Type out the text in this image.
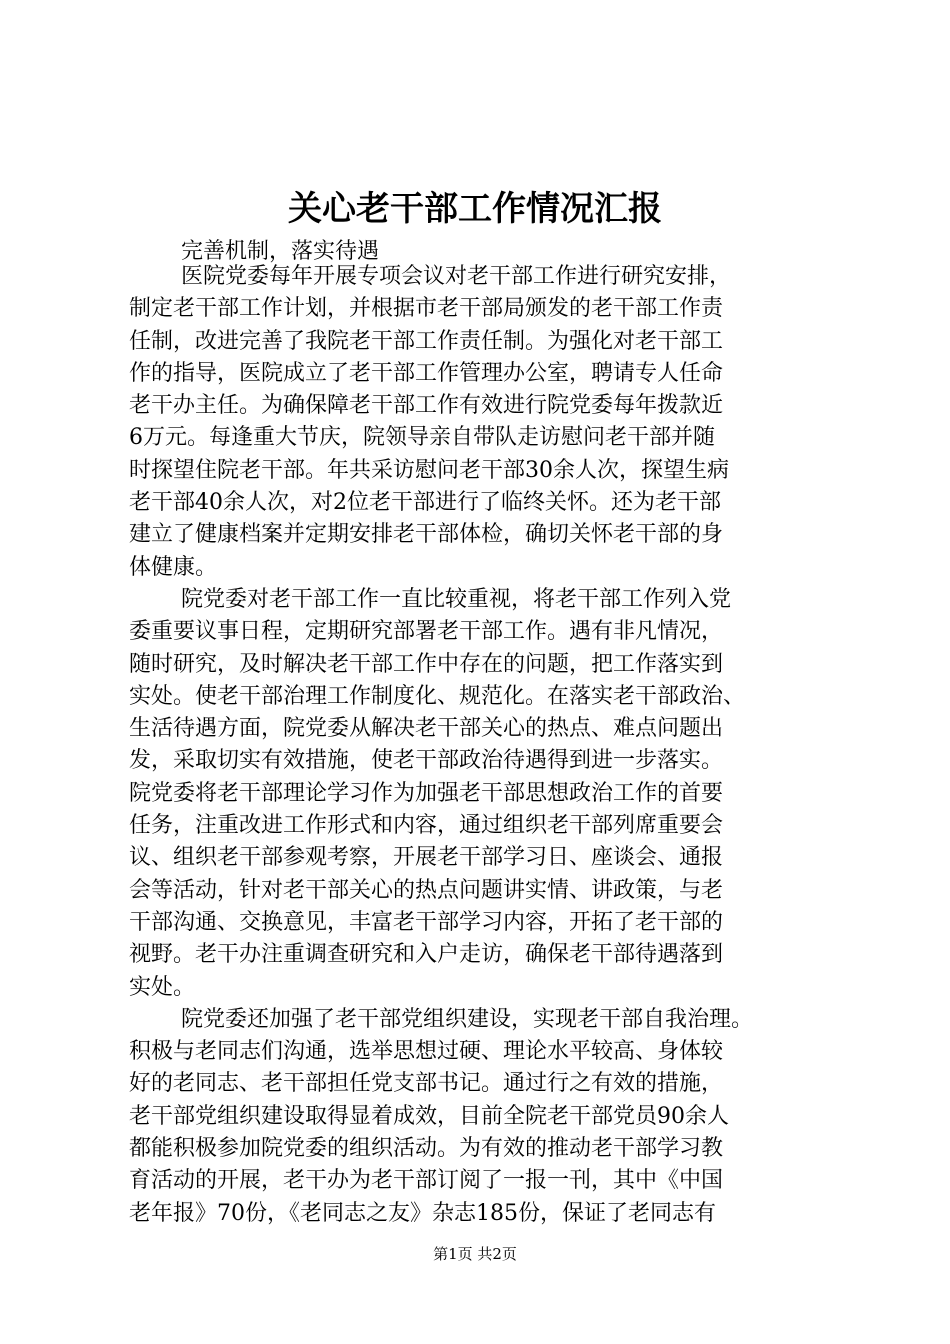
关心老干部工作情况汇报
完善机制，落实待遇
医院党委每年开展专项会议对老干部工作进行研究安排，
制定老干部工作计划，并根据市老干部局颁发的老干部工作责
任制，改进完善了我院老干部工作责任制。为强化对老干部工
作的指导，医院成立了老干部工作管理办公室，聘请专人任命
老干办主任。为确保障老干部工作有效进行院党委每年拨款近
6万元。每逢重大节庆，院领导亲自带队走访慰问老干部并随
时探望住院老干部。年共采访慰问老干部30余人次，探望生病
老干部40余人次，对2位老干部进行了临终关怀。还为老干部
建立了健康档案并定期安排老干部体检，确切关怀老干部的身
体健康。
院党委对老干部工作一直比较重视，将老干部工作列入党
委重要议事日程，定期研究部署老干部工作。遇有非凡情况，
随时研究，及时解决老干部工作中存在的问题，把工作落实到
实处。使老干部治理工作制度化、规范化。在落实老干部政治、
生活待遇方面，院党委从解决老干部关心的热点、难点问题出
发，采取切实有效措施，使老干部政治待遇得到进一步落实。
院党委将老干部理论学习作为加强老干部思想政治工作的首要
任务，注重改进工作形式和内容，通过组织老干部列席重要会
议、组织老干部参观考察，开展老干部学习日、座谈会、通报
会等活动，针对老干部关心的热点问题讲实情、讲政策，与老
干部沟通、交换意见，丰富老干部学习内容，开拓了老干部的
视野。老干办注重调查研究和入户走访，确保老干部待遇落到
实处。
院党委还加强了老干部党组织建设，实现老干部自我治理。
积极与老同志们沟通，选举思想过硬、理论水平较高、身体较
好的老同志、老干部担任党支部书记。通过行之有效的措施，
老干部党组织建设取得显着成效，目前全院老干部党员90余人
都能积极参加院党委的组织活动。为有效的推动老干部学习教
育活动的开展，老干办为老干部订阅了一报一刊，其中《中国
老年报》70份，《老同志之友》杂志185份，保证了老同志有
第1页 共2页
